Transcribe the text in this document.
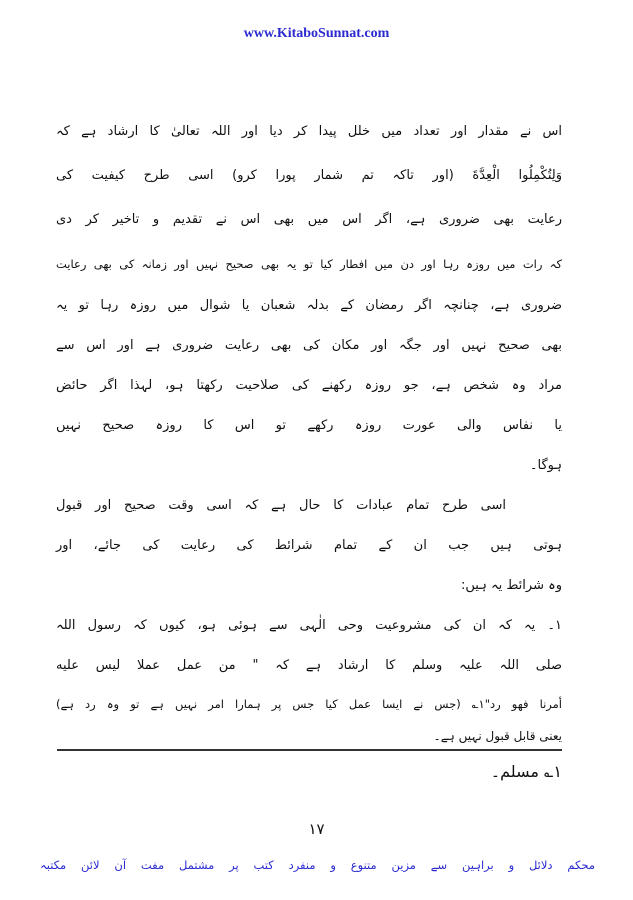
www.KitaboSunnat.com
اس نے مقدار اور تعداد میں خلل پیدا کر دیا اور اللہ تعالیٰ کا ارشاد ہے کہ
وَلِتُكْمِلُوا الْعِدَّةَ (اور تاکہ تم شمار پورا کرو) اسی طرح کیفیت کی
رعایت بھی ضروری ہے، اگر اس میں بھی اس نے تقدیم و تاخیر کر دی
کہ رات میں روزہ رہا اور دن میں افطار کیا تو یہ بھی صحیح نہیں اور زمانہ کی بھی رعایت
ضروری ہے، چنانچہ اگر رمضان کے بدلہ شعبان یا شوال میں روزہ رہا تو یہ
بھی صحیح نہیں اور جگہ اور مکان کی بھی رعایت ضروری ہے اور اس سے
مراد وہ شخص ہے، جو روزہ رکھنے کی صلاحیت رکھتا ہو، لہذا اگر حائض
یا نفاس والی عورت روزہ رکھے تو اس کا روزہ صحیح نہیں
ہوگا۔
اسی طرح تمام عبادات کا حال ہے کہ اسی وقت صحیح اور قبول
ہوتی ہیں جب ان کے تمام شرائط کی رعایت کی جائے، اور
وہ شرائط یہ ہیں:
۱۔ یہ کہ ان کی مشروعیت وحی الٰہی سے ہوئی ہو، کیوں کہ رسول اللہ
صلی اللہ علیہ وسلم کا ارشاد ہے کہ " من عمل عملا ليس عليه
أمرنا فهو رد"۱؎ (جس نے ایسا عمل کیا جس پر ہمارا امر نہیں ہے تو وہ رد ہے)
یعنی قابل قبول نہیں ہے۔
۱؎ مسلم۔
۱۷
محکم دلائل و براہین سے مزین متنوع و منفرد کتب پر مشتمل مفت آن لائن مکتبہ
